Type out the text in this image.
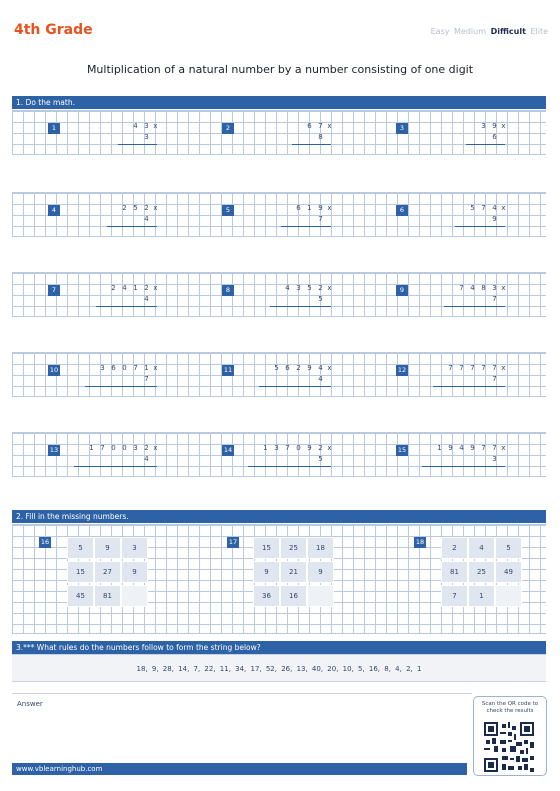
4th Grade	Easy Medium Difficult Elite
Multiplication of a natural number by a number consisting of one digit
1. Do the math.
1	4 3 x
3
2	6 7 x
8
3	3 9 x
6
4	2 5 2 x
4
5	6 1 9 x
7
6	5 7 4 x
9
7	2 4 1 2 x
4
8	4 3 5 2 x
5
9	7 4 8 3 x
7
10	3 6 0 7 1 x
7
11	5 6 2 9 4 x
4
12	7 7 7 7 7 x
7
13	1 7 0 0 3 2 x
4
14	1 3 7 0 9 2 x
5
15	1 9 4 9 7 7 x
3
2. Fill in the missing numbers.
16
5	9	3
15	27	9
45	81
17
15	25	18
9	21	9
36	16
18
2	4	5
81	25	49
7	1
3.*** What rules do the numbers follow to form the string below?
18, 9, 28, 14, 7, 22, 11, 34, 17, 52, 26, 13, 40, 20, 10, 5, 16, 8, 4, 2, 1
Answer
www.vblearninghub.com
Scan the QR code to check the results
